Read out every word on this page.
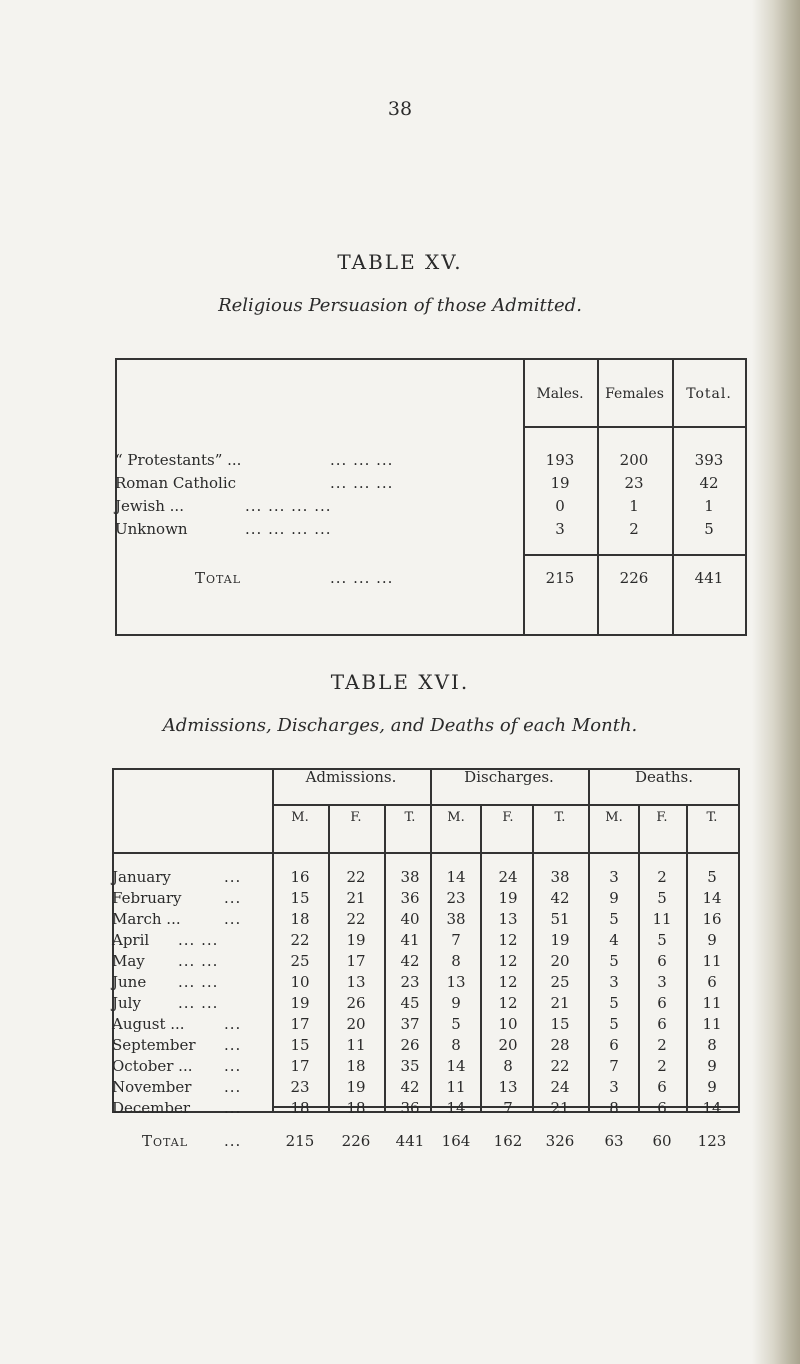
38
TABLE XV.
Religious Persuasion of those Admitted.
Males.	Females	Total.
“ Protestants” ...	... ... ...	193	200	393
Roman Catholic	... ... ...	19	23	42
Jewish ...	... ... ... ...	0	1	1
Unknown	... ... ... ...	3	2	5
Total	... ... ...	215	226	441
TABLE XVI.
Admissions, Discharges, and Deaths of each Month.
Admissions.	Discharges.	Deaths.
M.	F.	T.	M.	F.	T.	M.	F.	T.
January	...	16	22	38	14	24	38	3	2	5
February	...	15	21	36	23	19	42	9	5	14
March ...	...	18	22	40	38	13	51	5	11	16
April ... ...	22	19	41	7	12	19	4	5	9
May ... ...	25	17	42	8	12	20	5	6	11
June ... ...	10	13	23	13	12	25	3	3	6
July ... ...	19	26	45	9	12	21	5	6	11
August ...	...	17	20	37	5	10	15	5	6	11
September ...	15	11	26	8	20	28	6	2	8
October ... ...	17	18	35	14	8	22	7	2	9
November ...	23	19	42	11	13	24	3	6	9
December ...	18	18	36	14	7	21	8	6	14
Total ...	215	226	441	164	162	326	63	60	123
